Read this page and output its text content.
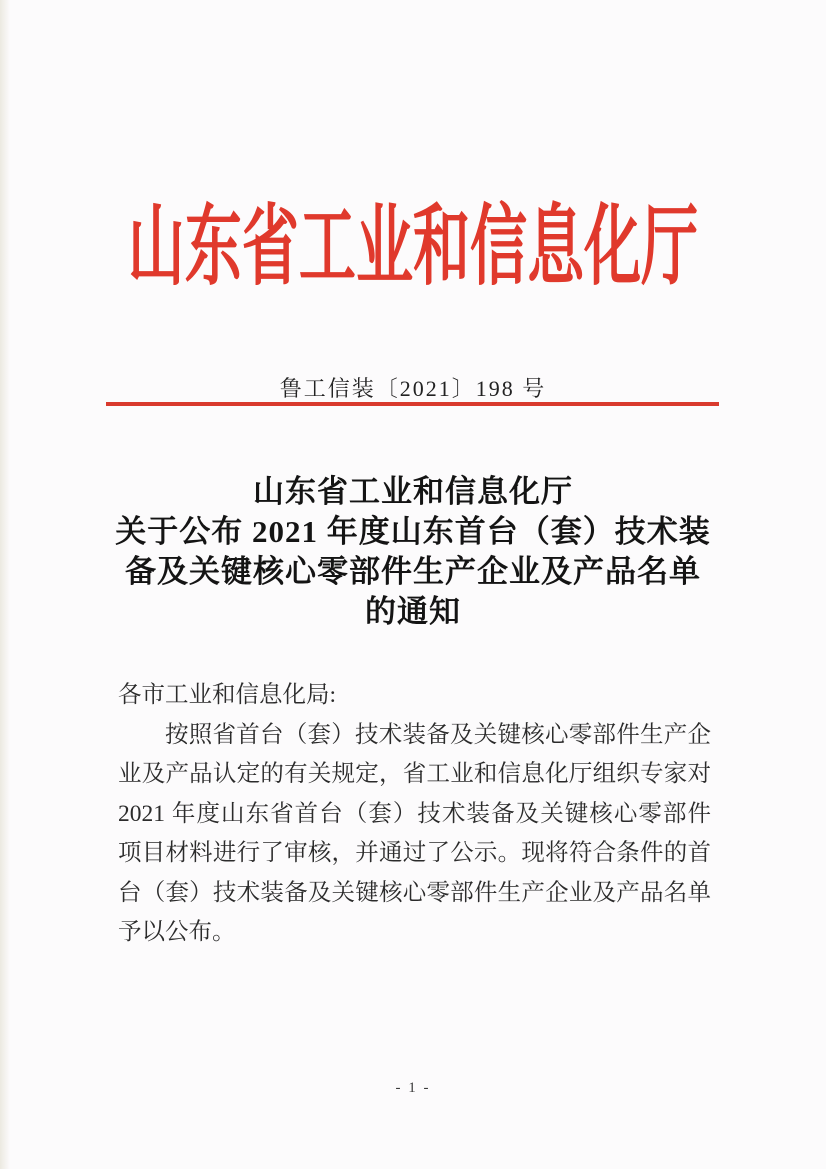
山东省工业和信息化厅
鲁工信装〔2021〕198 号
山东省工业和信息化厅
关于公布 2021 年度山东首台（套）技术装
备及关键核心零部件生产企业及产品名单
的通知

各市工业和信息化局:

按照省首台（套）技术装备及关键核心零部件生产企业及产品认定的有关规定，省工业和信息化厅组织专家对 2021 年度山东省首台（套）技术装备及关键核心零部件项目材料进行了审核，并通过了公示。现将符合条件的首台（套）技术装备及关键核心零部件生产企业及产品名单予以公布。

- 1 -
